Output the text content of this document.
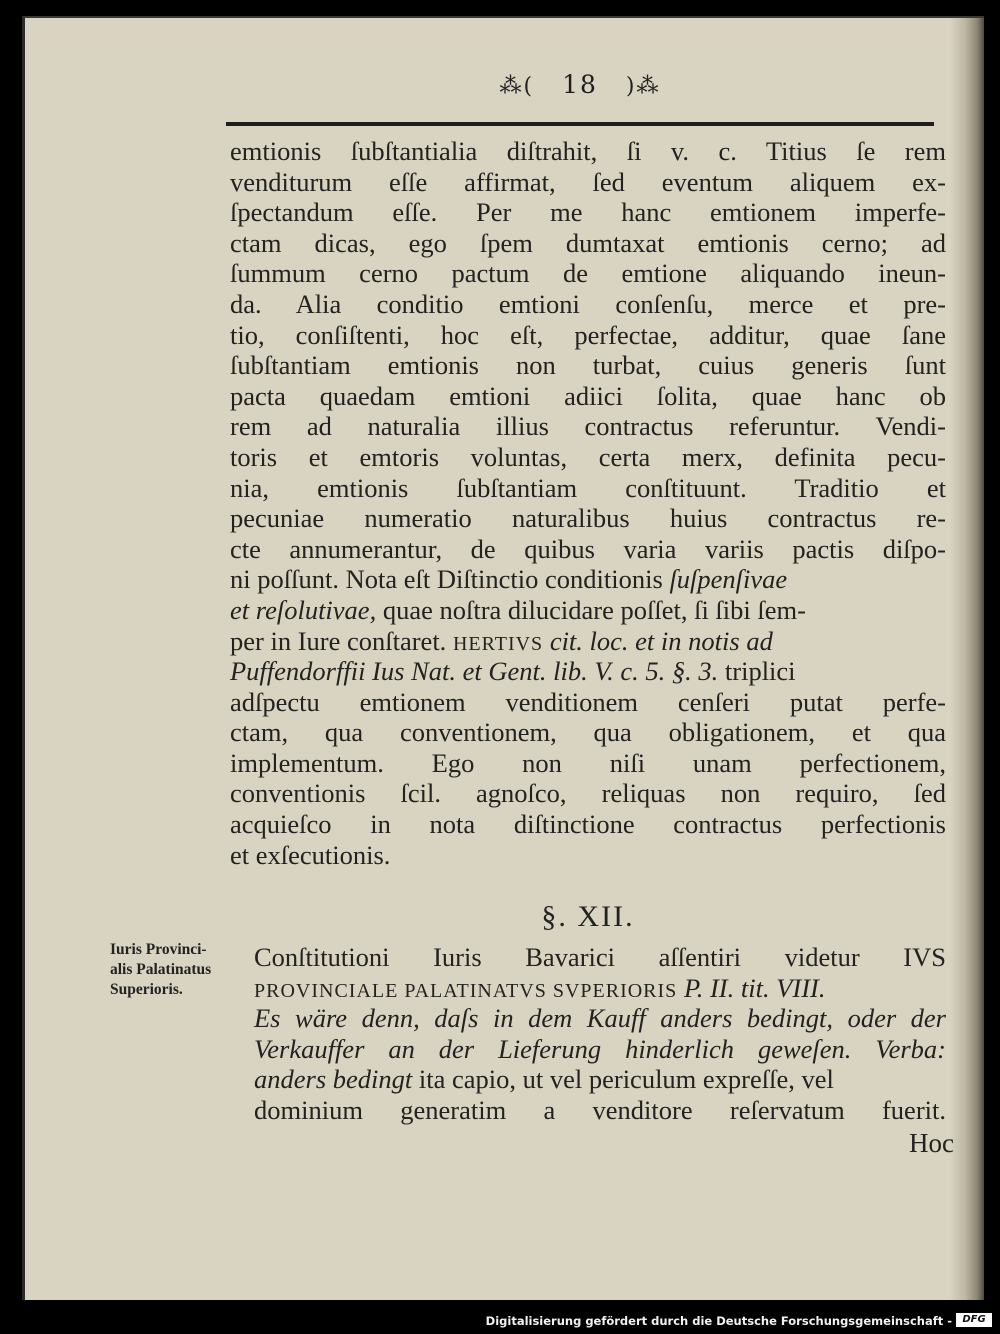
⁂( 18 )⁂
emtionis ſubſtantialia diſtrahit, ſi v. c. Titius ſe rem
venditurum eſſe affirmat, ſed eventum aliquem ex-
ſpectandum eſſe. Per me hanc emtionem imperfe-
ctam dicas, ego ſpem dumtaxat emtionis cerno; ad
ſummum cerno pactum de emtione aliquando ineun-
da. Alia conditio emtioni conſenſu, merce et pre-
tio, conſiſtenti, hoc eſt, perfectae, additur, quae ſane
ſubſtantiam emtionis non turbat, cuius generis ſunt
pacta quaedam emtioni adiici ſolita, quae hanc ob
rem ad naturalia illius contractus referuntur. Vendi-
toris et emtoris voluntas, certa merx, definita pecu-
nia, emtionis ſubſtantiam conſtituunt. Traditio et
pecuniae numeratio naturalibus huius contractus re-
cte annumerantur, de quibus varia variis pactis diſpo-
ni poſſunt. Nota eſt Diſtinctio conditionis ſuſpenſivae
et reſolutivae, quae noſtra dilucidare poſſet, ſi ſibi ſem-
per in Iure conſtaret. HERTIVS cit. loc. et in notis ad
Puffendorffii Ius Nat. et Gent. lib. V. c. 5. §. 3. triplici
adſpectu emtionem venditionem cenſeri putat perfe-
ctam, qua conventionem, qua obligationem, et qua
implementum. Ego non niſi unam perfectionem,
conventionis ſcil. agnoſco, reliquas non requiro, ſed
acquieſco in nota diſtinctione contractus perfectionis
et exſecutionis.
§. XII.
Iuris Provinci-
alis Palatinatus
Superioris.
Conſtitutioni Iuris Bavarici aſſentiri videtur IVS
PROVINCIALE PALATINATVS SVPERIORIS P. II. tit. VIII.
Es wäre denn, daſs in dem Kauff anders bedingt, oder der
Verkauffer an der Lieferung hinderlich geweſen. Verba:
anders bedingt ita capio, ut vel periculum expreſſe, vel
dominium generatim a venditore reſervatum fuerit.
Hoc
Digitalisierung gefördert durch die Deutsche Forschungsgemeinschaft -	DFG
